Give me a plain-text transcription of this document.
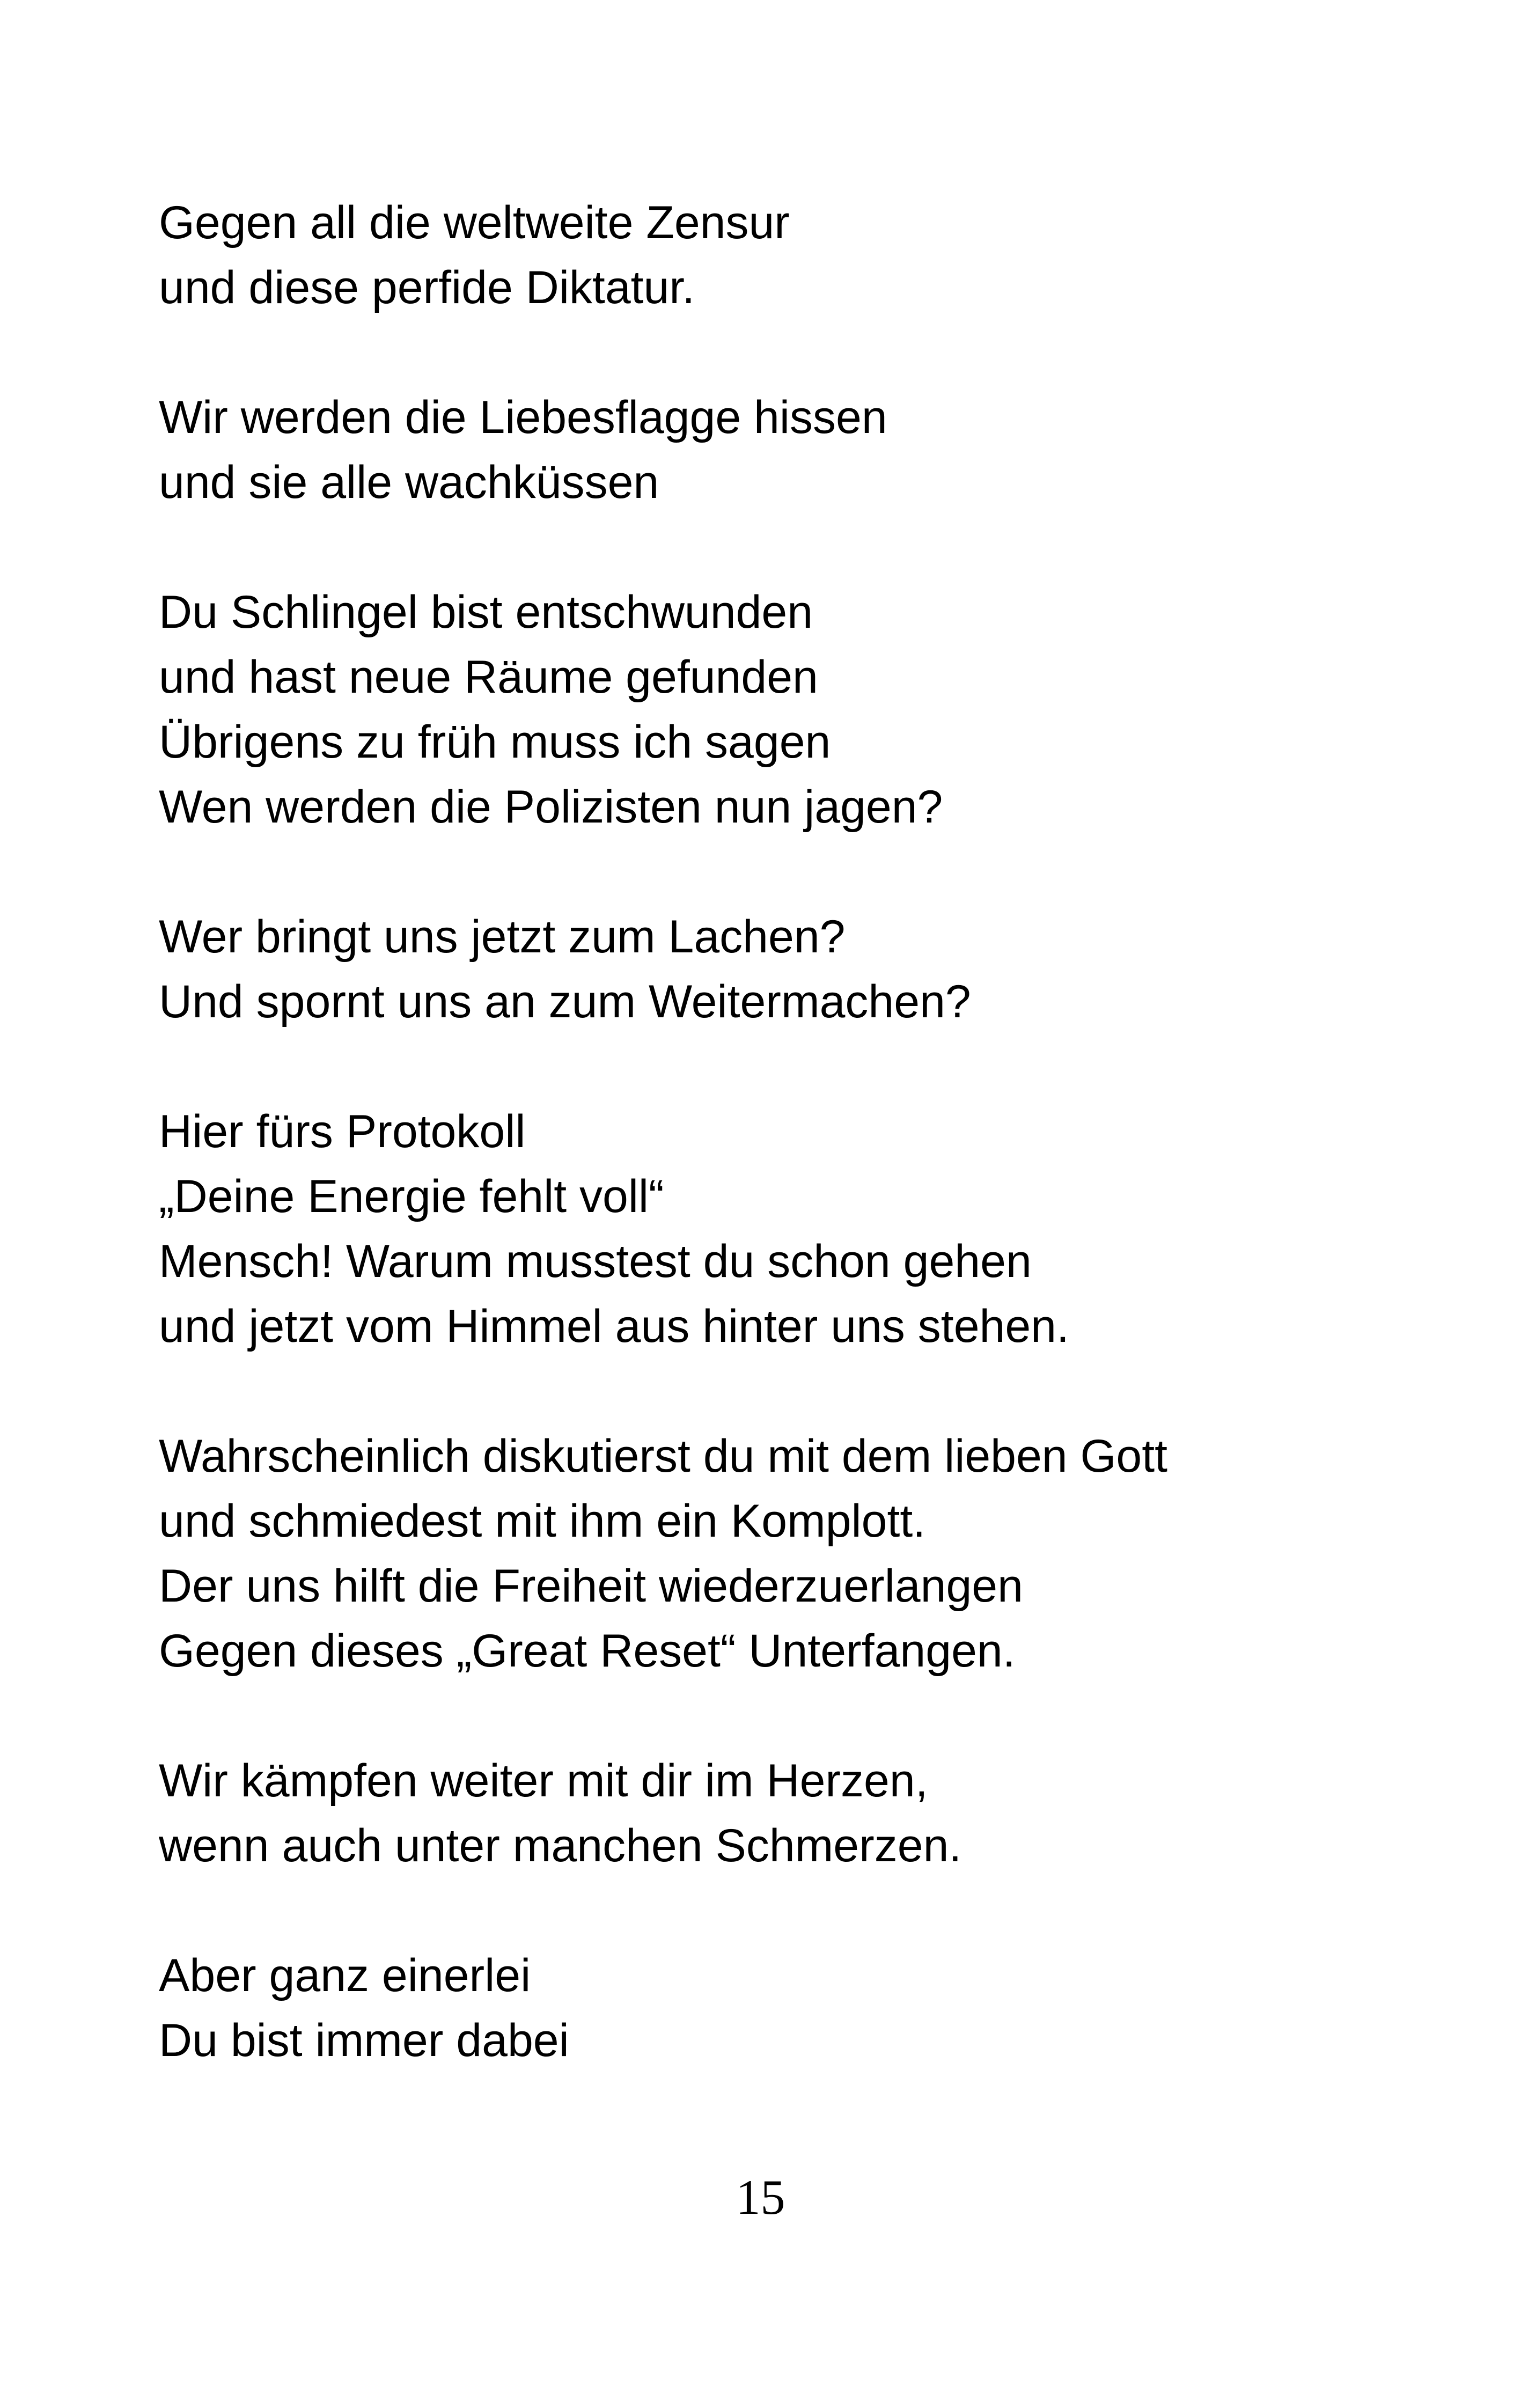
Gegen all die weltweite Zensur
und diese perfide Diktatur.
Wir werden die Liebesflagge hissen
und sie alle wachküssen
Du Schlingel bist entschwunden
und hast neue Räume gefunden
Übrigens zu früh muss ich sagen
Wen werden die Polizisten nun jagen?
Wer bringt uns jetzt zum Lachen?
Und spornt uns an zum Weitermachen?
Hier fürs Protokoll
„Deine Energie fehlt voll“
Mensch! Warum musstest du schon gehen
und jetzt vom Himmel aus hinter uns stehen.
Wahrscheinlich diskutierst du mit dem lieben Gott
und schmiedest mit ihm ein Komplott.
Der uns hilft die Freiheit wiederzuerlangen
Gegen dieses „Great Reset“ Unterfangen.
Wir kämpfen weiter mit dir im Herzen,
wenn auch unter manchen Schmerzen.
Aber ganz einerlei
Du bist immer dabei
15
